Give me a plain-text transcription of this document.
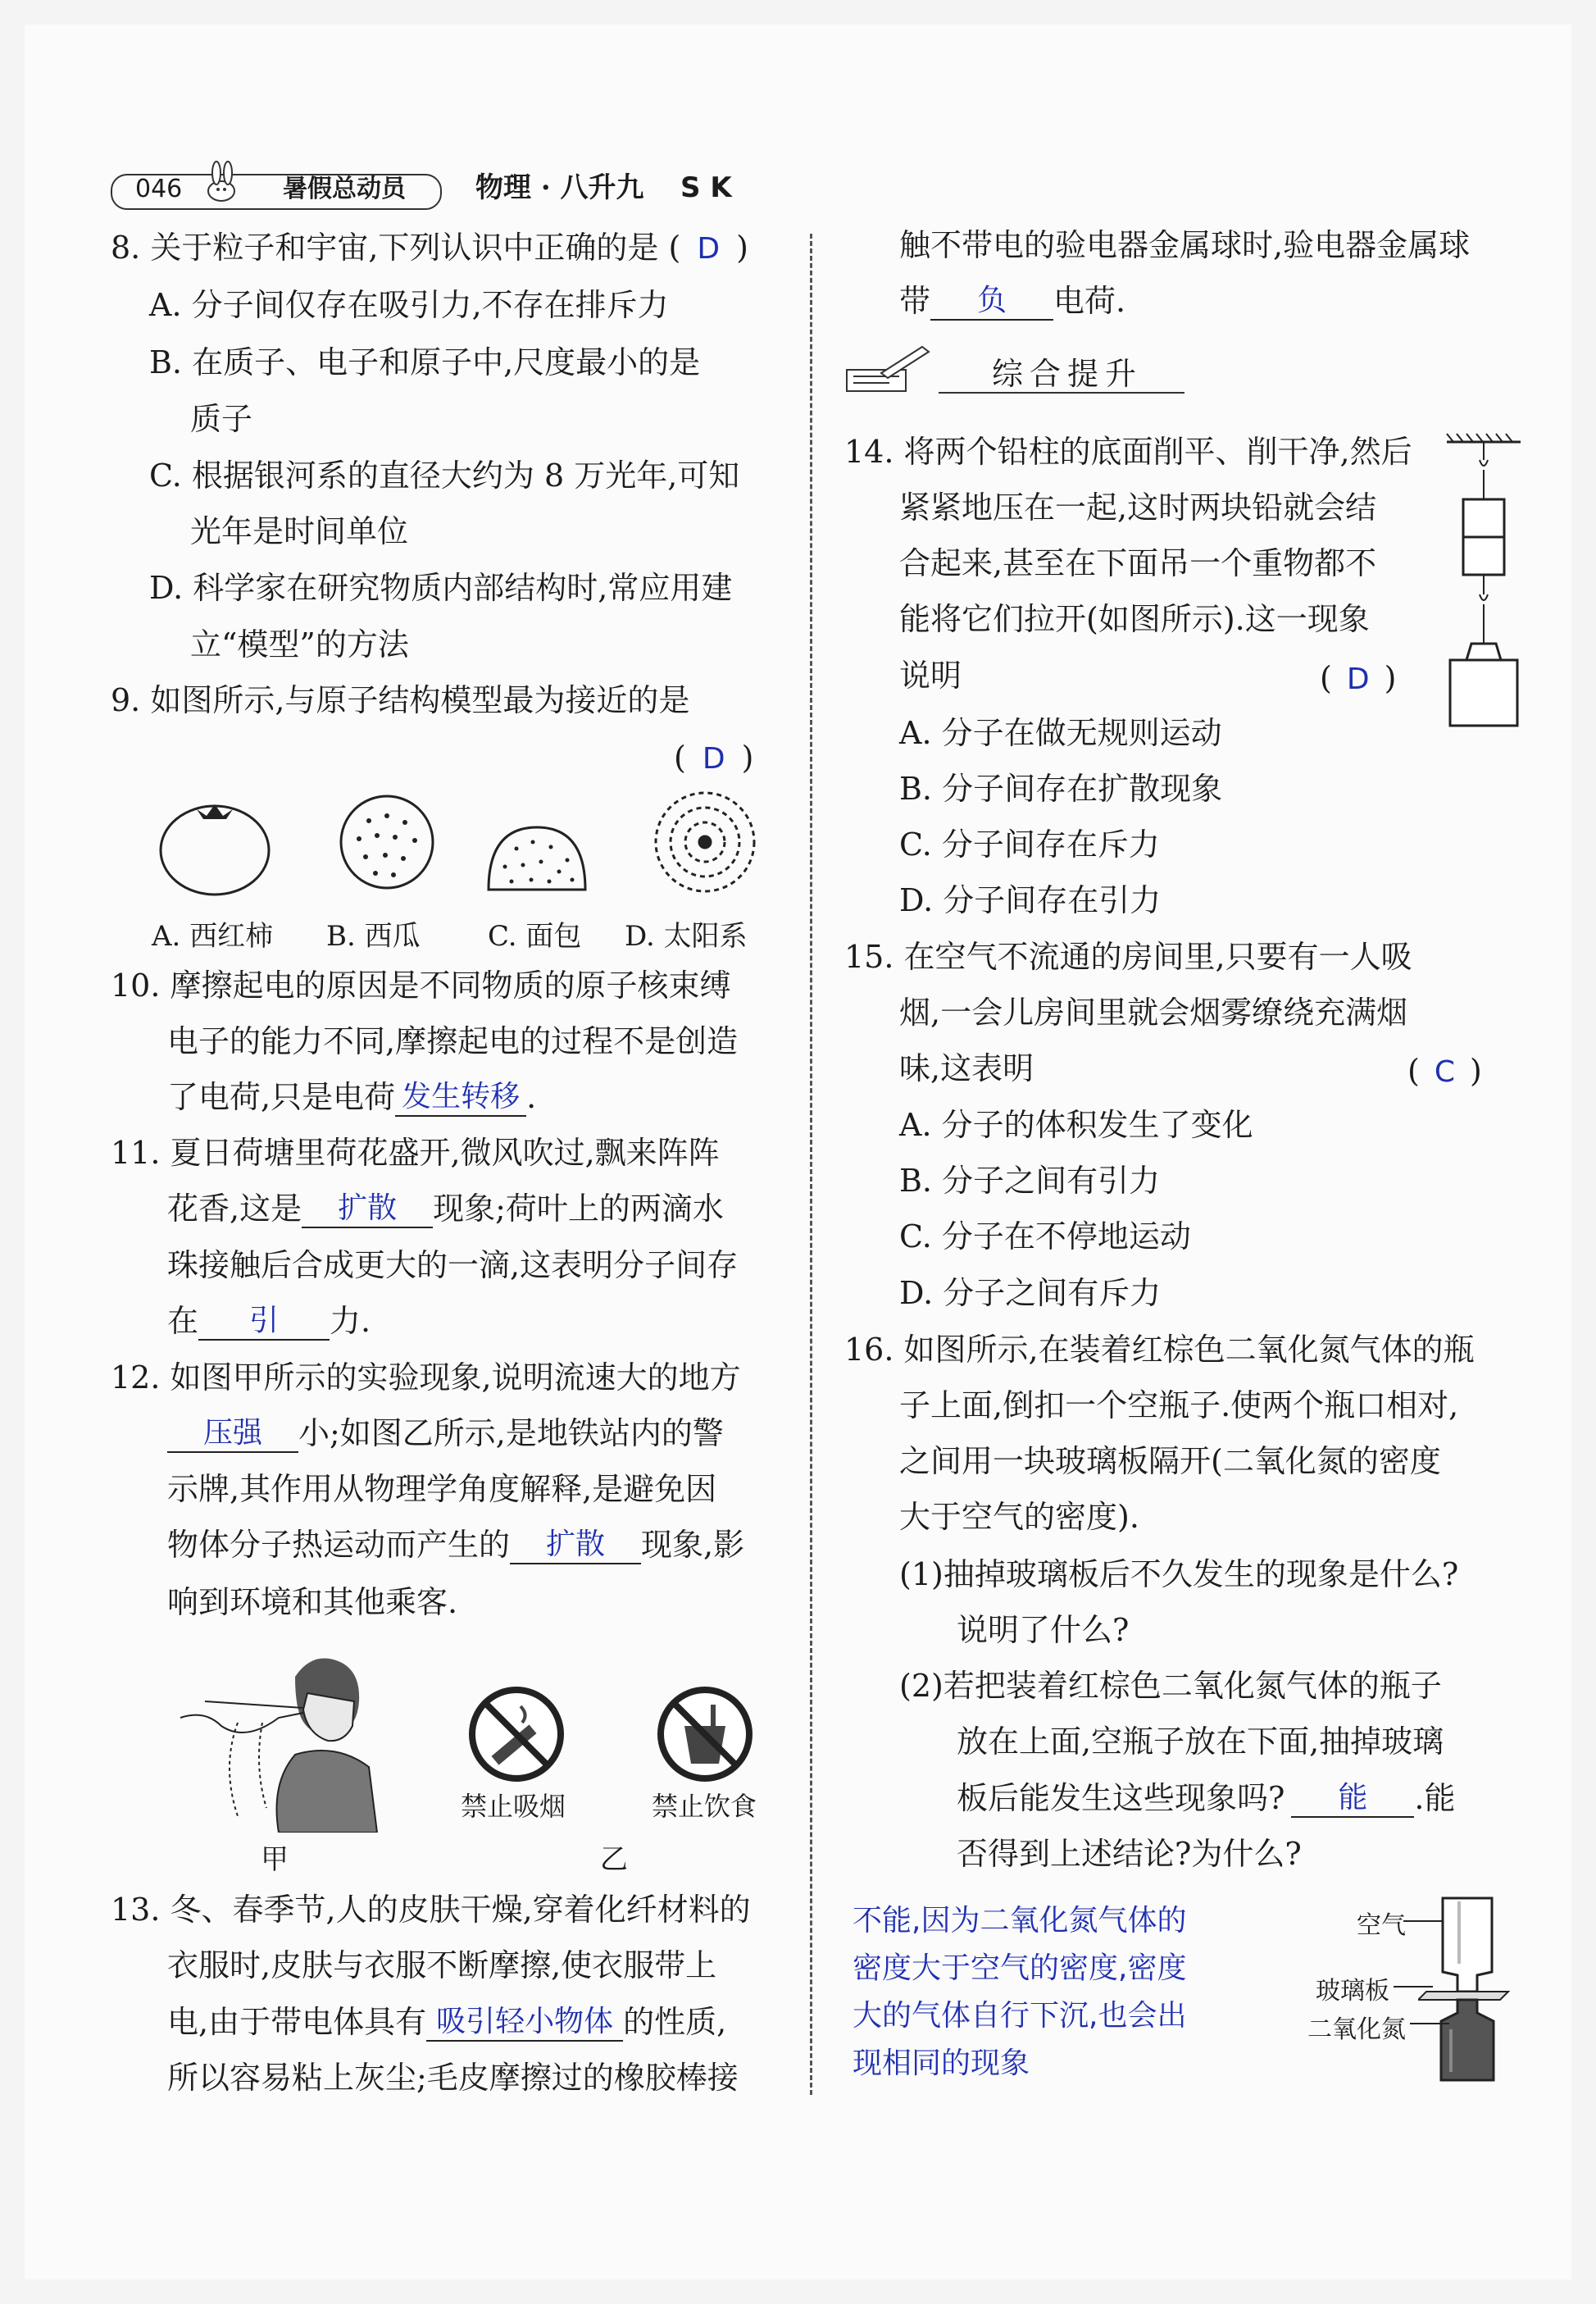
046	暑假总动员	物理 · 八升九 S K
8. 关于粒子和宇宙,下列认识中正确的是 ( D )
A. 分子间仅存在吸引力,不存在排斥力
B. 在质子、电子和原子中,尺度最小的是
质子
C. 根据银河系的直径大约为 8 万光年,可知
光年是时间单位
D. 科学家在研究物质内部结构时,常应用建
立“模型”的方法
9. 如图所示,与原子结构模型最为接近的是
( D )
A. 西红柿 B. 西瓜 C. 面包 D. 太阳系
10. 摩擦起电的原因是不同物质的原子核束缚
电子的能力不同,摩擦起电的过程不是创造
了电荷,只是电荷 发生转移 .
11. 夏日荷塘里荷花盛开,微风吹过,飘来阵阵
花香,这是 扩散 现象;荷叶上的两滴水
珠接触后合成更大的一滴,这表明分子间存
在 引 力.
12. 如图甲所示的实验现象,说明流速大的地方
压强 小;如图乙所示,是地铁站内的警
示牌,其作用从物理学角度解释,是避免因
物体分子热运动而产生的 扩散 现象,影
响到环境和其他乘客.
禁止吸烟	禁止饮食
甲	乙
13. 冬、春季节,人的皮肤干燥,穿着化纤材料的
衣服时,皮肤与衣服不断摩擦,使衣服带上
电,由于带电体具有 吸引轻小物体 的性质,
所以容易粘上灰尘;毛皮摩擦过的橡胶棒接
触不带电的验电器金属球时,验电器金属球
带 负 电荷.
综合提升
14. 将两个铅柱的底面削平、削干净,然后
紧紧地压在一起,这时两块铅就会结
合起来,甚至在下面吊一个重物都不
能将它们拉开(如图所示).这一现象
说明	( D )
A. 分子在做无规则运动
B. 分子间存在扩散现象
C. 分子间存在斥力
D. 分子间存在引力
15. 在空气不流通的房间里,只要有一人吸
烟,一会儿房间里就会烟雾缭绕充满烟
味,这表明	( C )
A. 分子的体积发生了变化
B. 分子之间有引力
C. 分子在不停地运动
D. 分子之间有斥力
16. 如图所示,在装着红棕色二氧化氮气体的瓶
子上面,倒扣一个空瓶子.使两个瓶口相对,
之间用一块玻璃板隔开(二氧化氮的密度
大于空气的密度).
(1)抽掉玻璃板后不久发生的现象是什么?
说明了什么?
(2)若把装着红棕色二氧化氮气体的瓶子
放在上面,空瓶子放在下面,抽掉玻璃
板后能发生这些现象吗? 能 .能
否得到上述结论?为什么?
不能,因为二氧化氮气体的
密度大于空气的密度,密度
大的气体自行下沉,也会出
现相同的现象
空气
玻璃板
二氧化氮
